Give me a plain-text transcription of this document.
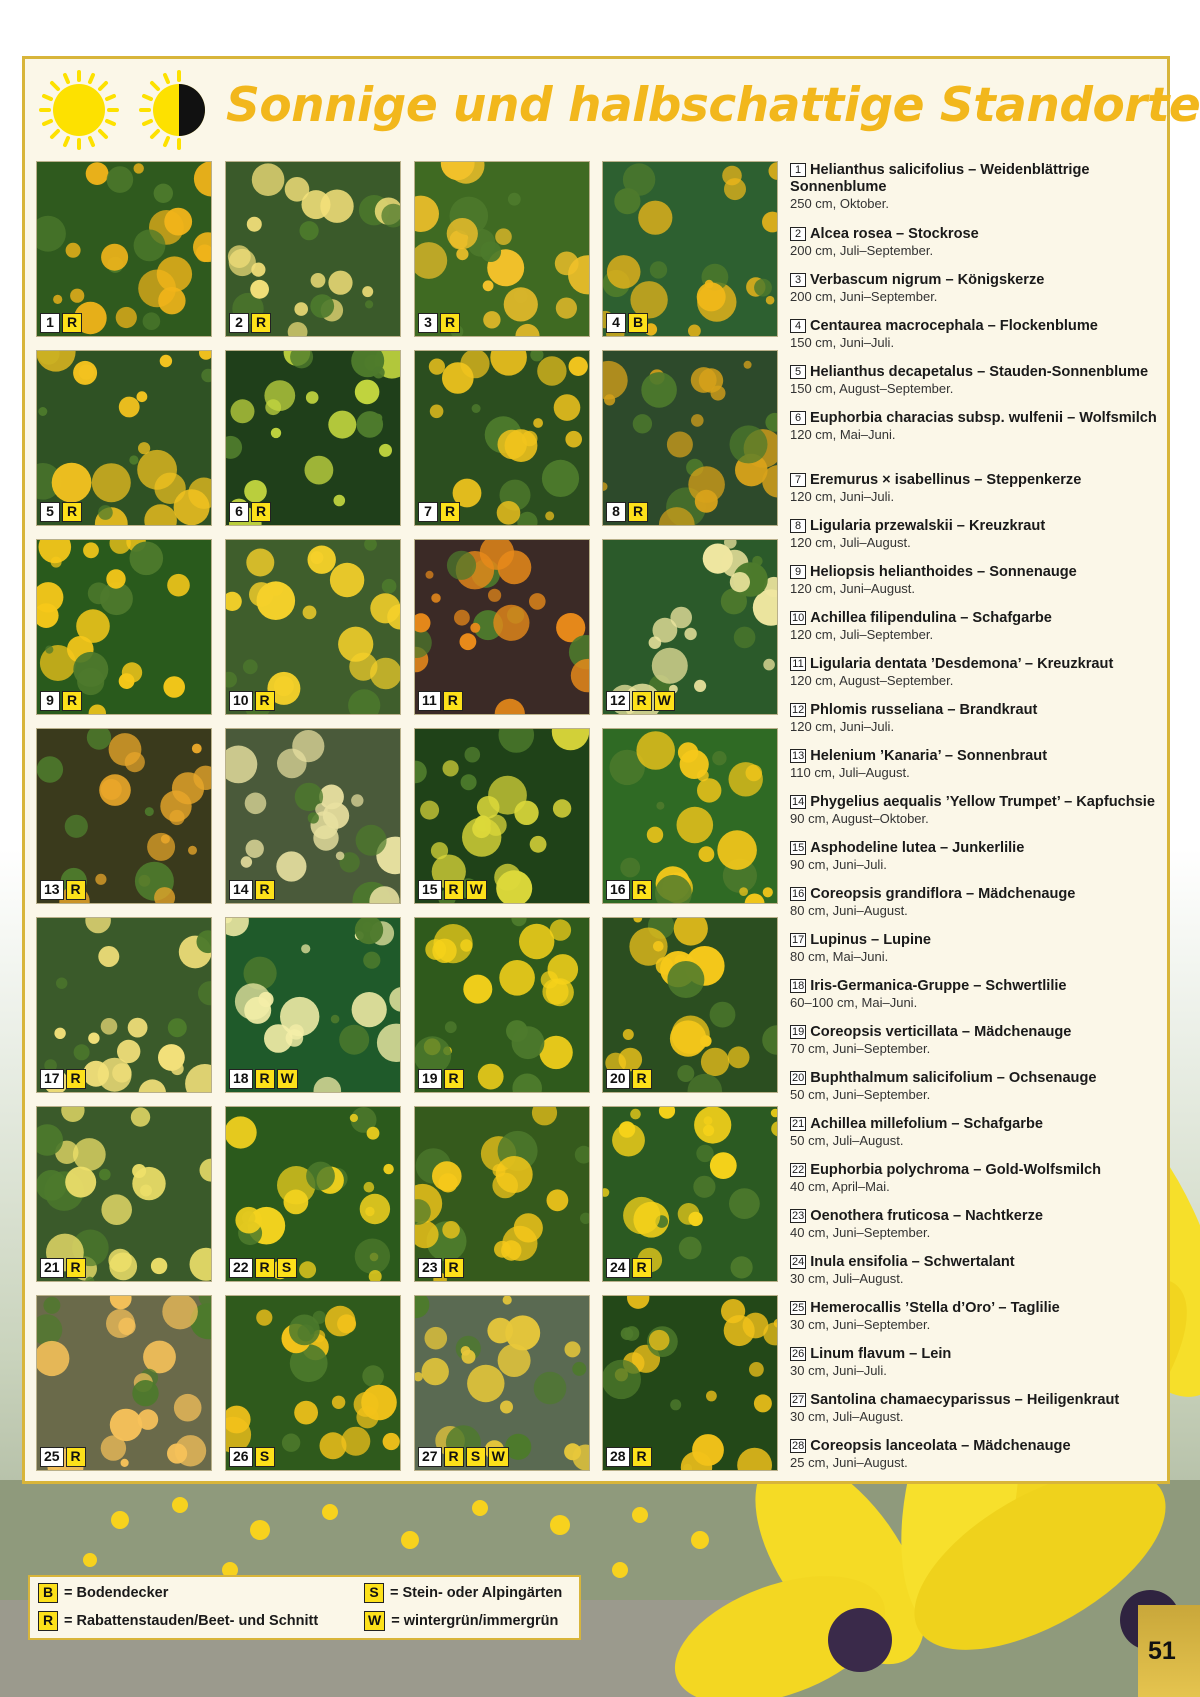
Sonnige und halbschattige Standorte
1 R	2 R	3 R	4 B
5 R	6 R	7 R	8 R
9 R	10 R	11 R	12 R W
13 R	14 R	15 R W	16 R
17 R	18 R W	19 R	20 R
21 R	22 R S	23 R	24 R
25 R	26 S	27 R S W	28 R
1 Helianthus salicifolius – Weidenblättrige Sonnenblume
250 cm, Oktober.
2 Alcea rosea – Stockrose
200 cm, Juli–September.
3 Verbascum nigrum – Königskerze
200 cm, Juni–September.
4 Centaurea macrocephala – Flockenblume
150 cm, Juni–Juli.
5 Helianthus decapetalus – Stauden-Sonnenblume
150 cm, August–September.
6 Euphorbia characias subsp. wulfenii – Wolfsmilch
120 cm, Mai–Juni.
7 Eremurus × isabellinus – Steppenkerze
120 cm, Juni–Juli.
8 Ligularia przewalskii – Kreuzkraut
120 cm, Juli–August.
9 Heliopsis helianthoides – Sonnenauge
120 cm, Juni–August.
10 Achillea filipendulina – Schafgarbe
120 cm, Juli–September.
11 Ligularia dentata ’Desdemona’ – Kreuzkraut
120 cm, August–September.
12 Phlomis russeliana – Brandkraut
120 cm, Juni–Juli.
13 Helenium ’Kanaria’ – Sonnenbraut
110 cm, Juli–August.
14 Phygelius aequalis ’Yellow Trumpet’ – Kapfuchsie
90 cm, August–Oktober.
15 Asphodeline lutea – Junkerlilie
90 cm, Juni–Juli.
16 Coreopsis grandiflora – Mädchenauge
80 cm, Juni–August.
17 Lupinus – Lupine
80 cm, Mai–Juni.
18 Iris-Germanica-Gruppe – Schwertlilie
60–100 cm, Mai–Juni.
19 Coreopsis verticillata – Mädchenauge
70 cm, Juni–September.
20 Buphthalmum salicifolium – Ochsenauge
50 cm, Juni–September.
21 Achillea millefolium – Schafgarbe
50 cm, Juli–August.
22 Euphorbia polychroma – Gold-Wolfsmilch
40 cm, April–Mai.
23 Oenothera fruticosa – Nachtkerze
40 cm, Juni–September.
24 Inula ensifolia – Schwertalant
30 cm, Juli–August.
25 Hemerocallis ’Stella d’Oro’ – Taglilie
30 cm, Juni–September.
26 Linum flavum – Lein
30 cm, Juni–Juli.
27 Santolina chamaecyparissus – Heiligenkraut
30 cm, Juli–August.
28 Coreopsis lanceolata – Mädchenauge
25 cm, Juni–August.
B = Bodendecker
R = Rabattenstauden/Beet- und Schnitt
S = Stein- oder Alpingärten
W = wintergrün/immergrün
51
